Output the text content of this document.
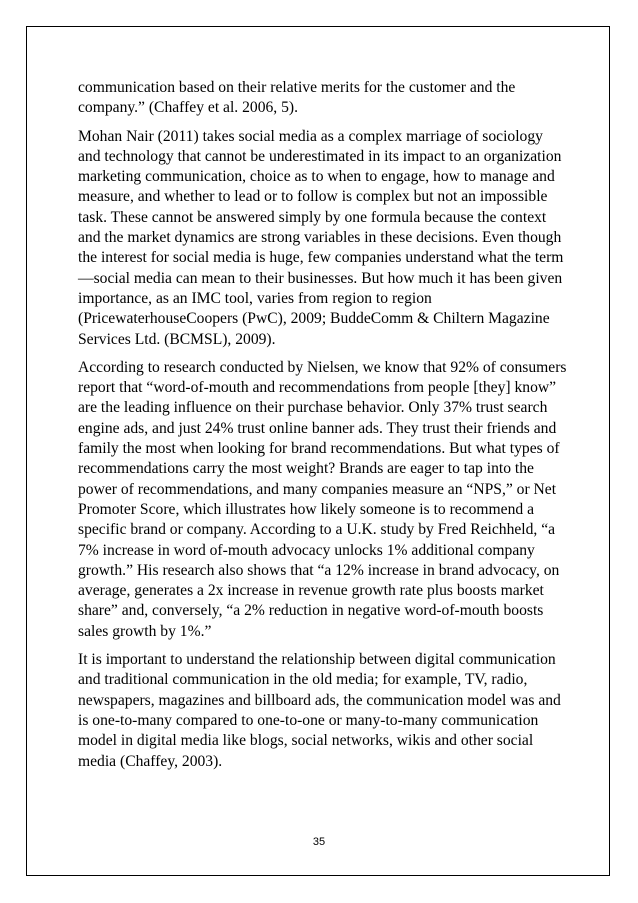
communication based on their relative merits for the customer and the company.” (Chaffey et al. 2006, 5).

Mohan Nair (2011) takes social media as a complex marriage of sociology and technology that cannot be underestimated in its impact to an organization marketing communication, choice as to when to engage, how to manage and measure, and whether to lead or to follow is complex but not an impossible task. These cannot be answered simply by one formula because the context and the market dynamics are strong variables in these decisions. Even though the interest for social media is huge, few companies understand what the term ―social media can mean to their businesses. But how much it has been given importance, as an IMC tool, varies from region to region (PricewaterhouseCoopers (PwC), 2009; BuddeComm & Chiltern Magazine Services Ltd. (BCMSL), 2009).

According to research conducted by Nielsen, we know that 92% of consumers report that “word-of-mouth and recommendations from people [they] know” are the leading influence on their purchase behavior. Only 37% trust search engine ads, and just 24% trust online banner ads. They trust their friends and family the most when looking for brand recommendations. But what types of recommendations carry the most weight? Brands are eager to tap into the power of recommendations, and many companies measure an “NPS,” or Net Promoter Score, which illustrates how likely someone is to recommend a specific brand or company. According to a U.K. study by Fred Reichheld, “a 7% increase in word of-mouth advocacy unlocks 1% additional company growth.” His research also shows that “a 12% increase in brand advocacy, on average, generates a 2x increase in revenue growth rate plus boosts market share” and, conversely, “a 2% reduction in negative word-of-mouth boosts sales growth by 1%.”

It is important to understand the relationship between digital communication and traditional communication in the old media; for example, TV, radio, newspapers, magazines and billboard ads, the communication model was and is one-to-many compared to one-to-one or many-to-many communication model in digital media like blogs, social networks, wikis and other social media (Chaffey, 2003).

35
